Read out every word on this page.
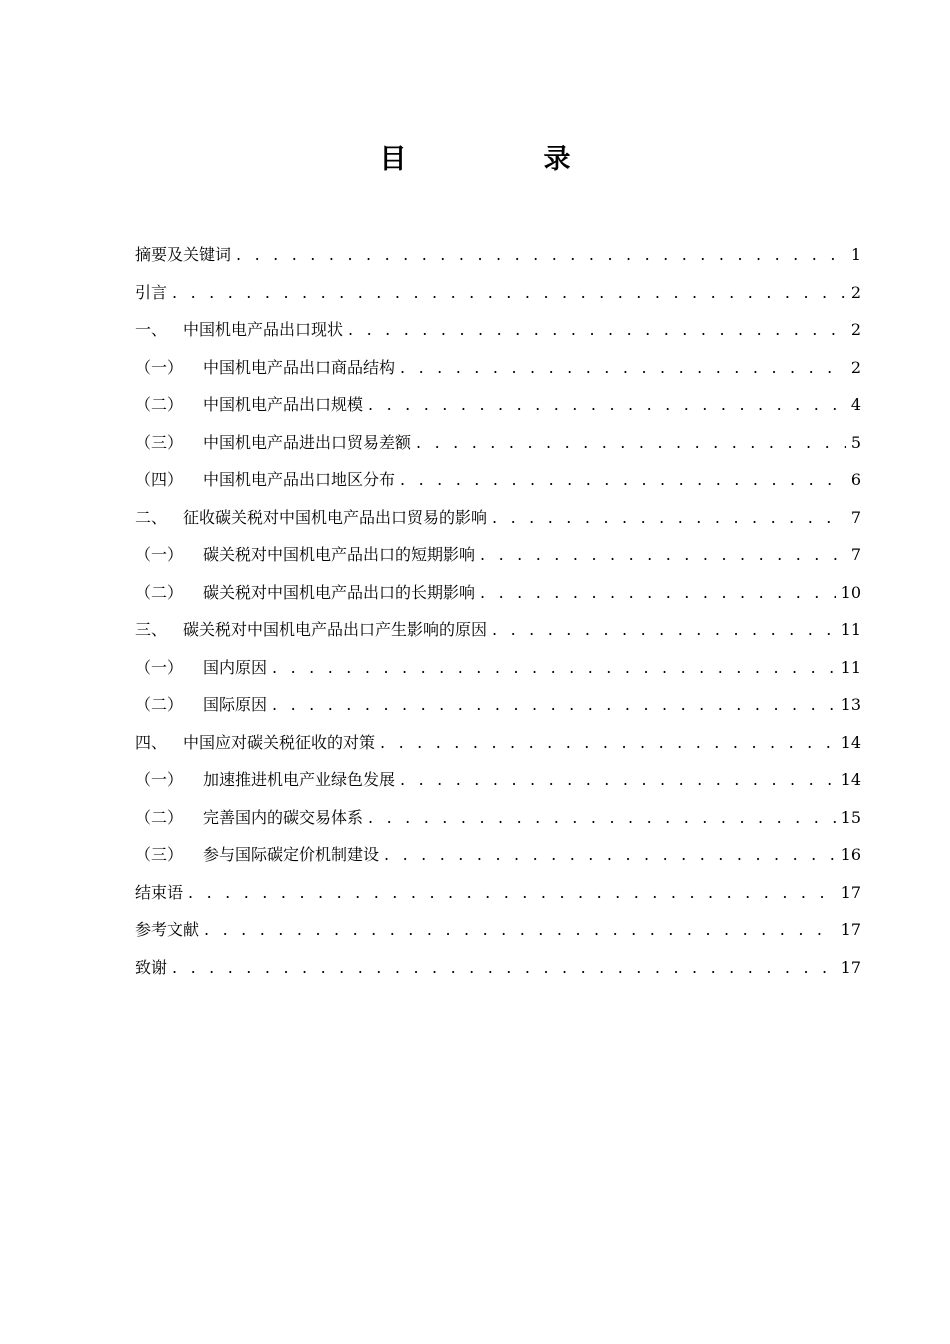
目　录
摘要及关键词 . . .	1
引言 . . .	2
一、 中国机电产品出口现状 . . .	2
（一）	中国机电产品出口商品结构 . . .	2
（二）	中国机电产品出口规模 . . .	4
（三）	中国机电产品进出口贸易差额 . . .	5
（四）	中国机电产品出口地区分布 . . .	6
二、 征收碳关税对中国机电产品出口贸易的影响 . . .	7
（一）	碳关税对中国机电产品出口的短期影响 . . .	7
（二）	碳关税对中国机电产品出口的长期影响 . . .	10
三、 碳关税对中国机电产品出口产生影响的原因 . . .	11
（一）	国内原因 . . .	11
（二）	国际原因 . . .	13
四、 中国应对碳关税征收的对策 . . .	14
（一）	加速推进机电产业绿色发展 . . .	14
（二）	完善国内的碳交易体系 . . .	15
（三）	参与国际碳定价机制建设 . . .	16
结束语 . . .	17
参考文献 . . .	17
致谢 . . .	17
